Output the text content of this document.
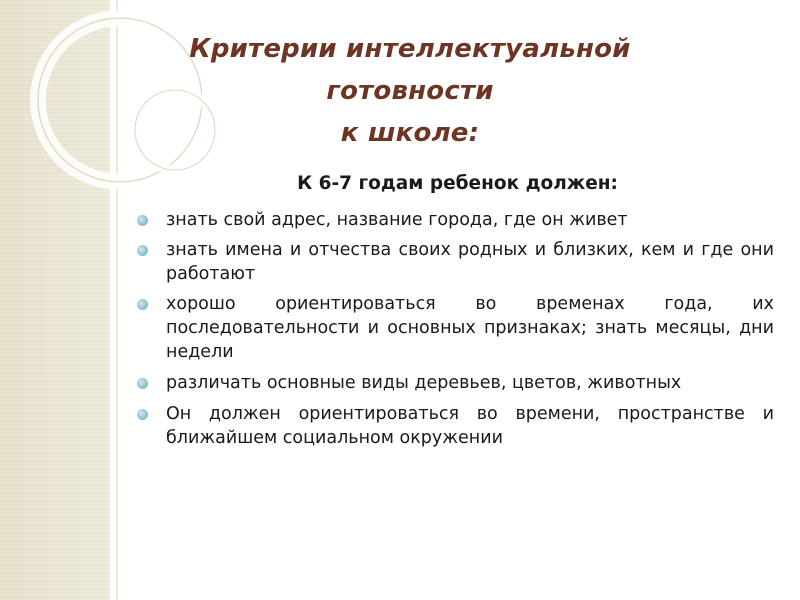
Критерии интеллектуальной
готовности
к школе:
К 6-7 годам ребенок должен:
знать свой адрес, название города, где он живет
знать имена и отчества своих родных и близких, кем и где они работают
хорошо ориентироваться во временах года, их последовательности и основных признаках; знать месяцы, дни недели
различать основные виды деревьев, цветов, животных
Он должен ориентироваться во времени, пространстве и ближайшем социальном окружении
